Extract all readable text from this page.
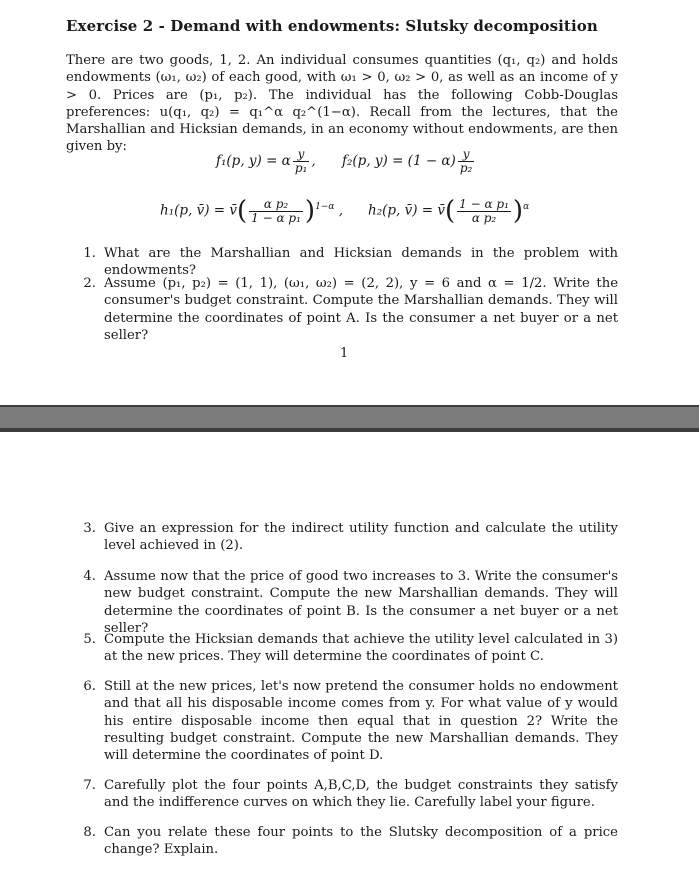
Exercise 2 - Demand with endowments: Slutsky decomposition
There are two goods, 1, 2. An individual consumes quantities (q₁, q₂) and holds endowments (ω₁, ω₂) of each good, with ω₁ > 0, ω₂ > 0, as well as an income of y > 0. Prices are (p₁, p₂). The individual has the following Cobb-Douglas preferences: u(q₁, q₂) = q₁^α q₂^(1−α). Recall from the lectures, that the Marshallian and Hicksian demands, in an economy without endowments, are then given by:
f₁(p, y) = α $\frac{y}{\text{p₁}}$ , f₂(p, $y) = (1 - \alpha) \frac{y}{\text{p₂}}$
h₁(p, v̄) = v̄( $\frac{\text{α p₂}}{\text{1 − α p₁}} )^{1-\alpha}$ , h₂(p, v̄) = v̄( $\frac{\text{1 − α p₁}}{\text{α p₂}} )^\alpha$
1. What are the Marshallian and Hicksian demands in the problem with endowments?
2. Assume (p₁, p₂) = (1, 1), (ω₁, ω₂) = (2, 2), y = 6 and α = 1/2. Write the consumer's budget constraint. Compute the Marshallian demands. They will determine the coordinates of point A. Is the consumer a net buyer or a net seller?
1
3. Give an expression for the indirect utility function and calculate the utility level achieved in (2).
4. Assume now that the price of good two increases to 3. Write the consumer's new budget constraint. Compute the new Marshallian demands. They will determine the coordinates of point B. Is the consumer a net buyer or a net seller?
5. Compute the Hicksian demands that achieve the utility level calculated in 3) at the new prices. They will determine the coordinates of point C.
6. Still at the new prices, let's now pretend the consumer holds no endowment and that all his disposable income comes from y. For what value of y would his entire disposable income then equal that in question 2? Write the resulting budget constraint. Compute the new Marshallian demands. They will determine the coordinates of point D.
7. Carefully plot the four points A,B,C,D, the budget constraints they satisfy and the indifference curves on which they lie. Carefully label your figure.
8. Can you relate these four points to the Slutsky decomposition of a price change? Explain.
